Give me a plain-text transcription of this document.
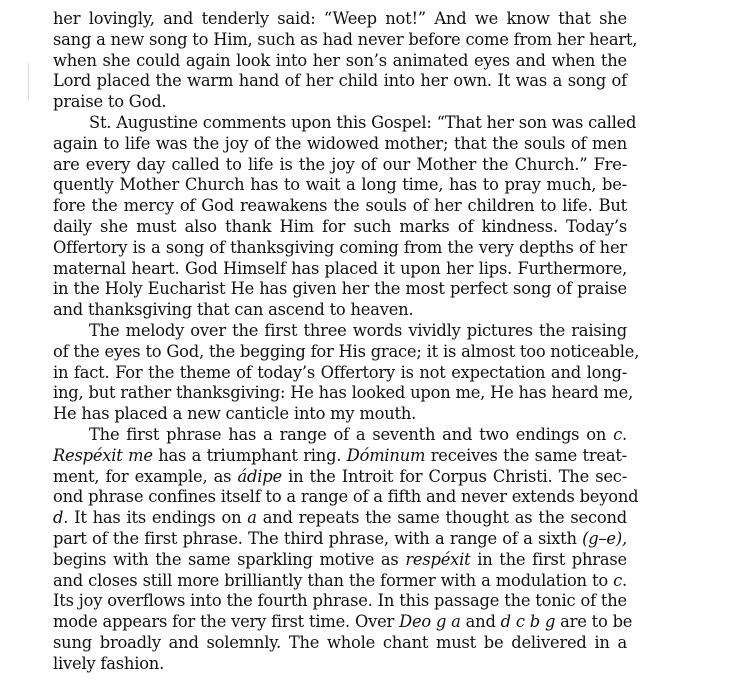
her lovingly, and tenderly said: “Weep not!” And we know that she
sang a new song to Him, such as had never before come from her heart,
when she could again look into her son’s animated eyes and when the
Lord placed the warm hand of her child into her own. It was a song of
praise to God.
St. Augustine comments upon this Gospel: “That her son was called
again to life was the joy of the widowed mother; that the souls of men
are every day called to life is the joy of our Mother the Church.” Fre-
quently Mother Church has to wait a long time, has to pray much, be-
fore the mercy of God reawakens the souls of her children to life. But
daily she must also thank Him for such marks of kindness. Today’s
Offertory is a song of thanksgiving coming from the very depths of her
maternal heart. God Himself has placed it upon her lips. Furthermore,
in the Holy Eucharist He has given her the most perfect song of praise
and thanksgiving that can ascend to heaven.
The melody over the first three words vividly pictures the raising
of the eyes to God, the begging for His grace; it is almost too noticeable,
in fact. For the theme of today’s Offertory is not expectation and long-
ing, but rather thanksgiving: He has looked upon me, He has heard me,
He has placed a new canticle into my mouth.
The first phrase has a range of a seventh and two endings on c.
Respéxit me has a triumphant ring. Dóminum receives the same treat-
ment, for example, as ádipe in the Introit for Corpus Christi. The sec-
ond phrase confines itself to a range of a fifth and never extends beyond
d. It has its endings on a and repeats the same thought as the second
part of the first phrase. The third phrase, with a range of a sixth (g–e),
begins with the same sparkling motive as respéxit in the first phrase
and closes still more brilliantly than the former with a modulation to c.
Its joy overflows into the fourth phrase. In this passage the tonic of the
mode appears for the very first time. Over Deo g a and d c b g are to be
sung broadly and solemnly. The whole chant must be delivered in a
lively fashion.
